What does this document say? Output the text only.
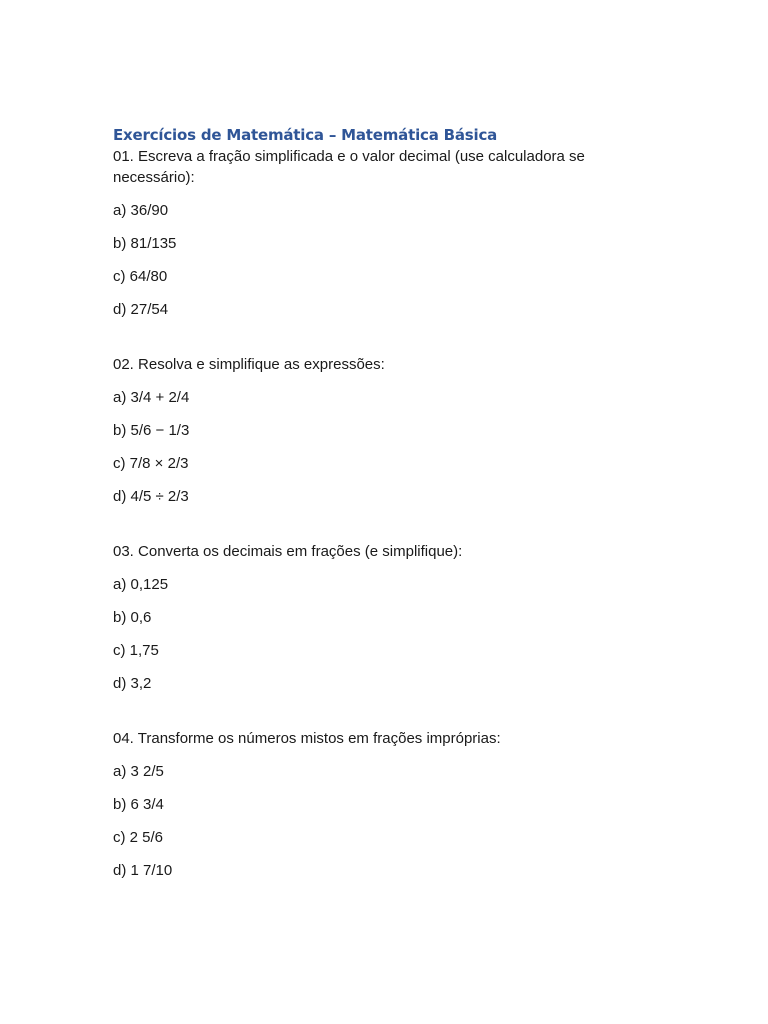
Exercícios de Matemática – Matemática Básica

01. Escreva a fração simplificada e o valor decimal (use calculadora se necessário):

a) 36/90

b) 81/135

c) 64/80

d) 27/54

02. Resolva e simplifique as expressões:

a) 3/4 + 2/4

b) 5/6 − 1/3

c) 7/8 × 2/3

d) 4/5 ÷ 2/3

03. Converta os decimais em frações (e simplifique):

a) 0,125

b) 0,6

c) 1,75

d) 3,2

04. Transforme os números mistos em frações impróprias:

a) 3 2/5

b) 6 3/4

c) 2 5/6

d) 1 7/10
